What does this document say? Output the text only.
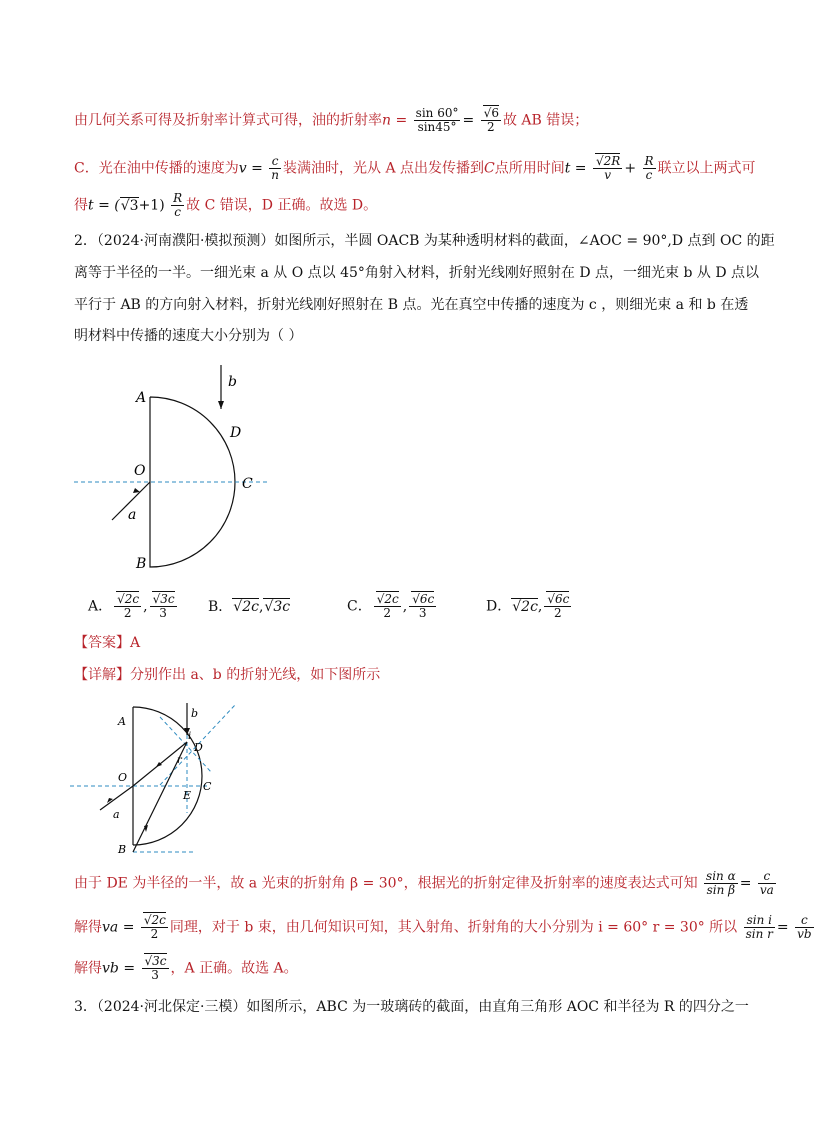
由几何关系可得及折射率计算式可得，油的折射率$n = \frac{\sin 60^\circ}{\sin 45^\circ}$ = √ $\frac{6}{2}$ 故 AB 错误；
C．光在油中传播的速度为$v = \frac{c}{n}$ 装满油时，光从 A 点出发传播到C点所用时间t = √ $\frac{2R}{v} + \frac{R}{c}$ 联立以上两式可
得t = ( √ $3+1) \frac{R}{c}$ 故 C 错误，D 正确。故选 D。
2．（2024·河南濮阳·模拟预测）如图所示，半圆 OACB 为某种透明材料的截面，∠AOC = 90°,D 点到 OC 的距
离等于半径的一半。一细光束 a 从 O 点以 45°角射入材料，折射光线刚好照射在 D 点，一细光束 b 从 D 点以
平行于 AB 的方向射入材料，折射光线刚好照射在 B 点。光在真空中传播的速度为 c ，则细光束 a 和 b 在透
明材料中传播的速度大小分别为（ ）
A
B
O
C
D
a
b
A． √ $\frac{2c}{2}$ , √ $\frac{3c}{3}$ B． √ 2c, √ 3c	C． √ $\frac{2c}{2}$ , √ $\frac{6c}{3}$	D． √ 2c, √ $\frac{6c}{2}$
【答案】A
【详解】分别作出 a、b 的折射光线，如下图所示
A
B
O
C
D
E
a
b
i
r
由于 DE 为半径的一半，故 a 光束的折射角 β = 30°，根据光的折射定律及折射率的速度表达式可知 $\frac{\text{sin α}}{\text{sin β}} = \frac{c}{va}$
解得va = √ $\frac{2c}{2}$ 同理，对于 b 束，由几何知识可知，其入射角、折射角的大小分别为 i = 60° r = 30° 所以 $\frac{\text{sin i}}{\text{sin r}} = \frac{c}{vb}$
解得vb = √ $\frac{3c}{3}$ ，A 正确。故选 A。
3．（2024·河北保定·三模）如图所示，ABC 为一玻璃砖的截面，由直角三角形 AOC 和半径为 R 的四分之一
